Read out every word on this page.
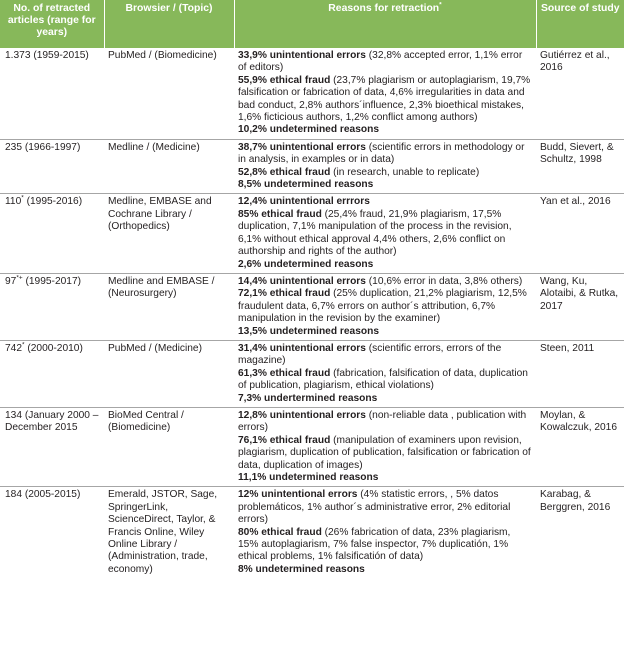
No. of retracted articles (range for years)	Browsier / (Topic)	Reasons for retraction*	Source of study
1.373 (1959-2015)	PubMed / (Biomedicine)	33,9% unintentional errors (32,8% accepted error, 1,1% error of editors)

55,9% ethical fraud (23,7% plagiarism or autoplagiarism, 19,7% falsification or fabrication of data, 4,6% irregularities in data and bad conduct, 2,8% authors´influence, 2,3% bioethical mistakes, 1,6% ficticious authors, 1,2% conflict among authors)

10,2% undetermined reasons	Gutiérrez et al., 2016
235 (1966-1997)	Medline / (Medicine)	38,7% unintentional errors (scientific errors in methodology or in analysis, in examples or in data)

52,8% ethical fraud (in research, unable to replicate)

8,5% undetermined reasons	Budd, Sievert, & Schultz, 1998
110* (1995-2016)	Medline, EMBASE and Cochrane Library / (Orthopedics)	12,4% unintentional errrors

85% ethical fraud (25,4% fraud, 21,9% plagiarism, 17,5% duplication, 7,1% manipulation of the process in the revision, 6,1% without ethical approval 4,4% others, 2,6% conflict on authorship and rights of the author)

2,6% undetermined reasons	Yan et al., 2016
97*+ (1995-2017)	Medline and EMBASE / (Neurosurgery)	14,4% unintentional errors (10,6% error in data, 3,8% others)

72,1% ethical fraud (25% duplication, 21,2% plagiarism, 12,5% fraudulent data, 6,7% errors on author´s attribution, 6,7% manipulation in the revision by the examiner)

13,5% undetermined reasons	Wang, Ku, Alotaibi, & Rutka, 2017
742* (2000-2010)	PubMed / (Medicine)	31,4% unintentional errors (scientific errors, errors of the magazine)

61,3% ethical fraud (fabrication, falsification of data, duplication of publication, plagiarism, ethical violations)

7,3% undertermined reasons	Steen, 2011
134 (January 2000 – December 2015	BioMed Central / (Biomedicine)	12,8% unintentional errors (non-reliable data , publication with errors)

76,1% ethical fraud (manipulation of examiners upon revision, plagiarism, duplication of publication, falsification or fabrication of data, duplication of images)

11,1% undetermined reasons	Moylan, & Kowalczuk, 2016
184 (2005-2015)	Emerald, JSTOR, Sage, SpringerLink, ScienceDirect, Taylor, & Francis Online, Wiley Online Library / (Administration, trade, economy)	12% unintentional errors (4% statistic errors, , 5% datos problemáticos, 1% author´s administrative error, 2% editorial errors)

80% ethical fraud (26% fabrication of data, 23% plagiarism, 15% autoplagiarism, 7% false inspector, 7% duplicatión, 1% ethical problems, 1% falsificatión of data)

8% undetermined reasons	Karabag, & Berggren, 2016
